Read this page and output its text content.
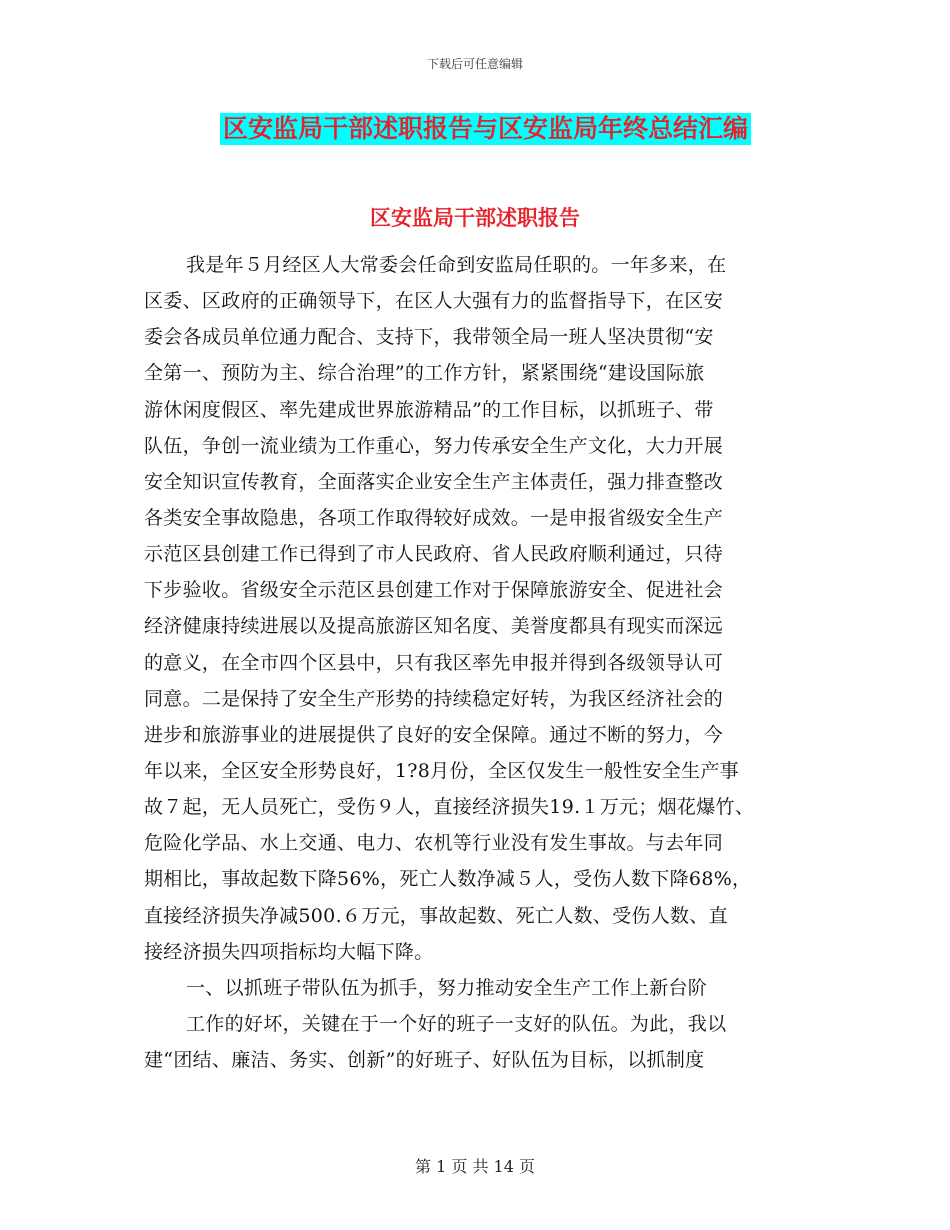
下载后可任意编辑
区安监局干部述职报告与区安监局年终总结汇编
区安监局干部述职报告
我是年５月经区人大常委会任命到安监局任职的。一年多来，在
区委、区政府的正确领导下，在区人大强有力的监督指导下，在区安
委会各成员单位通力配合、支持下，我带领全局一班人坚决贯彻“安
全第一、预防为主、综合治理”的工作方针，紧紧围绕“建设国际旅
游休闲度假区、率先建成世界旅游精品”的工作目标，以抓班子、带
队伍，争创一流业绩为工作重心，努力传承安全生产文化，大力开展
安全知识宣传教育，全面落实企业安全生产主体责任，强力排查整改
各类安全事故隐患，各项工作取得较好成效。一是申报省级安全生产
示范区县创建工作已得到了市人民政府、省人民政府顺利通过，只待
下步验收。省级安全示范区县创建工作对于保障旅游安全、促进社会
经济健康持续进展以及提高旅游区知名度、美誉度都具有现实而深远
的意义，在全市四个区县中，只有我区率先申报并得到各级领导认可
同意。二是保持了安全生产形势的持续稳定好转，为我区经济社会的
进步和旅游事业的进展提供了良好的安全保障。通过不断的努力，今
年以来，全区安全形势良好，1?8月份，全区仅发生一般性安全生产事
故７起，无人员死亡，受伤９人，直接经济损失19.１万元；烟花爆竹、
危险化学品、水上交通、电力、农机等行业没有发生事故。与去年同
期相比，事故起数下降56%，死亡人数净减５人，受伤人数下降68%，
直接经济损失净减500.６万元，事故起数、死亡人数、受伤人数、直
接经济损失四项指标均大幅下降。
一、以抓班子带队伍为抓手，努力推动安全生产工作上新台阶
工作的好坏，关键在于一个好的班子一支好的队伍。为此，我以
建“团结、廉洁、务实、创新”的好班子、好队伍为目标，以抓制度
第 1 页 共 14 页
